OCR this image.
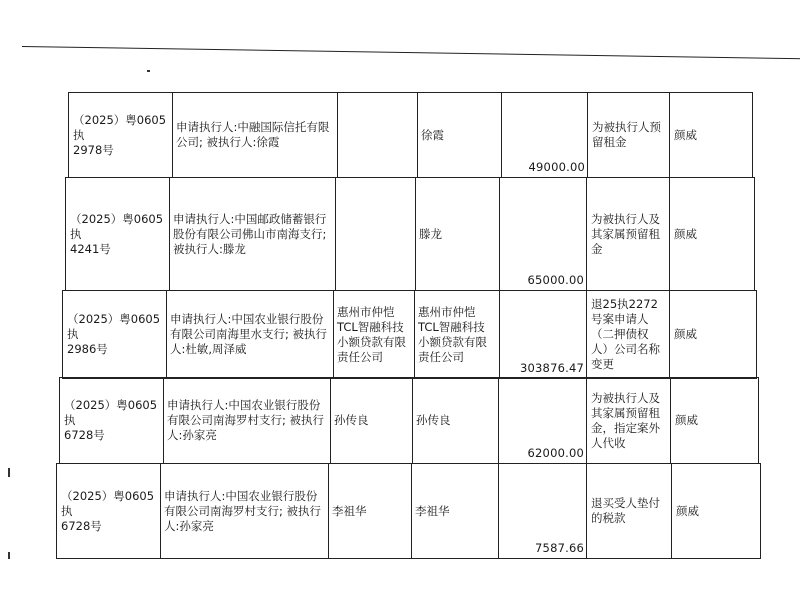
（2025）粤0605执
2978号
申请执行人:中融国际信托有限公司; 被执行人:徐霞
徐霞
49000.00
为被执行人预留租金
颜威
（2025）粤0605执
4241号
申请执行人:中国邮政储蓄银行股份有限公司佛山市南海支行; 被执行人:滕龙
滕龙
65000.00
为被执行人及其家属预留租金
颜威
（2025）粤0605执
2986号
申请执行人:中国农业银行股份有限公司南海里水支行; 被执行人:杜敏,周泽威
惠州市仲恺TCL智融科技小额贷款有限责任公司
惠州市仲恺TCL智融科技小额贷款有限责任公司
303876.47
退25执2272号案申请人（二押债权人）公司名称变更
颜威
（2025）粤0605执
6728号
申请执行人:中国农业银行股份有限公司南海罗村支行; 被执行人:孙家亮
孙传良	孙传良
62000.00
为被执行人及其家属预留租金，指定案外人代收
颜威
（2025）粤0605执
6728号
申请执行人:中国农业银行股份有限公司南海罗村支行; 被执行人:孙家亮
李祖华	李祖华
7587.66
退买受人垫付的税款
颜威
